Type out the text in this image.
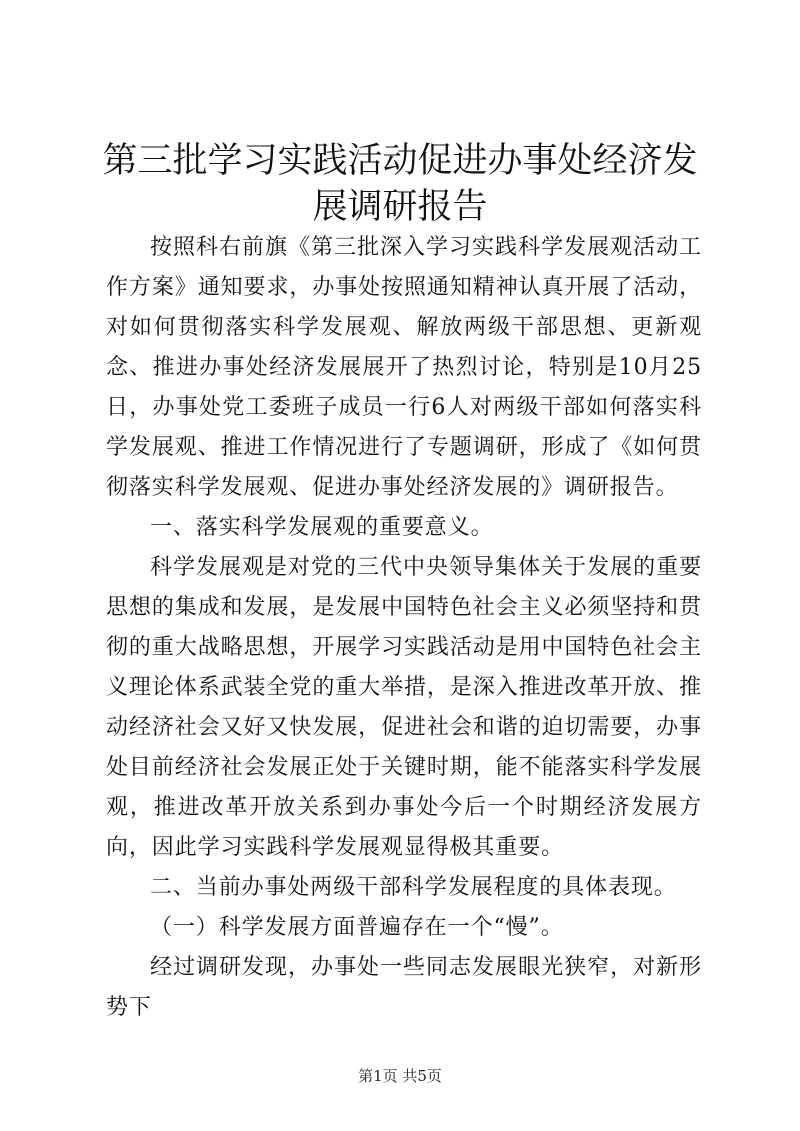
第三批学习实践活动促进办事处经济发展调研报告

按照科右前旗《第三批深入学习实践科学发展观活动工作方案》通知要求，办事处按照通知精神认真开展了活动，对如何贯彻落实科学发展观、解放两级干部思想、更新观念、推进办事处经济发展展开了热烈讨论，特别是10月25日，办事处党工委班子成员一行6人对两级干部如何落实科学发展观、推进工作情况进行了专题调研，形成了《如何贯彻落实科学发展观、促进办事处经济发展的》调研报告。

一、落实科学发展观的重要意义。

科学发展观是对党的三代中央领导集体关于发展的重要思想的集成和发展，是发展中国特色社会主义必须坚持和贯彻的重大战略思想，开展学习实践活动是用中国特色社会主义理论体系武装全党的重大举措，是深入推进改革开放、推动经济社会又好又快发展，促进社会和谐的迫切需要，办事处目前经济社会发展正处于关键时期，能不能落实科学发展观，推进改革开放关系到办事处今后一个时期经济发展方向，因此学习实践科学发展观显得极其重要。

二、当前办事处两级干部科学发展程度的具体表现。

（一）科学发展方面普遍存在一个“慢”。

经过调研发现，办事处一些同志发展眼光狭窄，对新形势下

第1页 共5页
